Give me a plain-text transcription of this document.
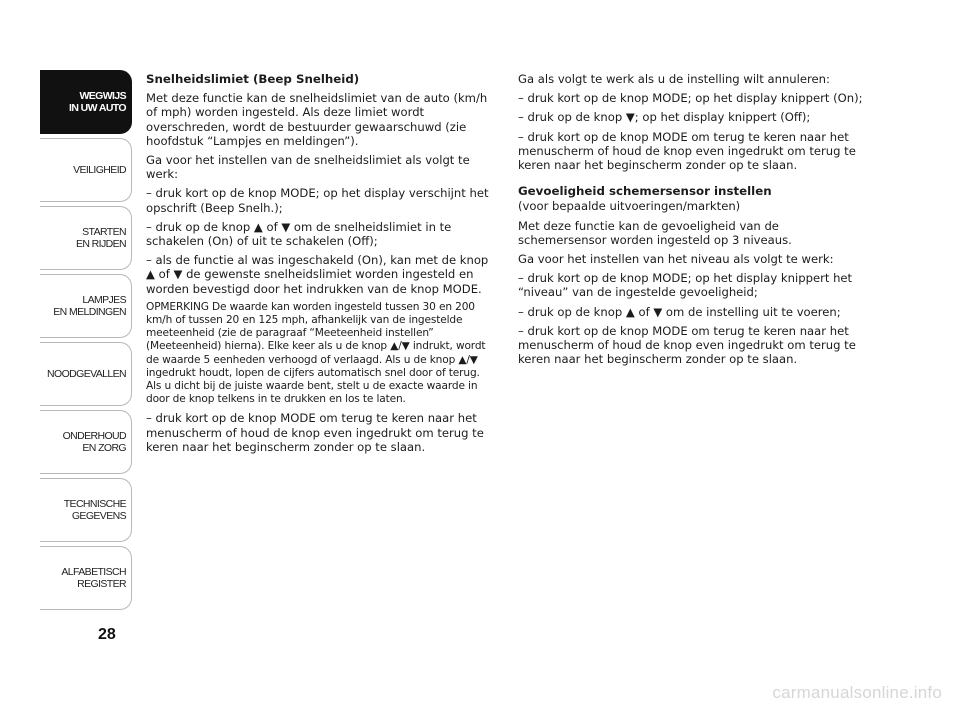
WEGWIJS
IN UW AUTO
VEILIGHEID
STARTEN
EN RIJDEN
LAMPJES
EN MELDINGEN
NOODGEVALLEN
ONDERHOUD
EN ZORG
TECHNISCHE
GEGEVENS
ALFABETISCH
REGISTER
28
Snelheidslimiet (Beep Snelheid)

Met deze functie kan de snelheidslimiet van de auto (km/h of mph) worden ingesteld. Als deze limiet wordt overschreden, wordt de bestuurder gewaarschuwd (zie hoofdstuk “Lampjes en meldingen”).

Ga voor het instellen van de snelheidslimiet als volgt te werk:

– druk kort op de knop MODE; op het display verschijnt het opschrift (Beep Snelh.);

– druk op de knop ▲ of ▼ om de snelheidslimiet in te schakelen (On) of uit te schakelen (Off);

– als de functie al was ingeschakeld (On), kan met de knop ▲ of ▼ de gewenste snelheidslimiet worden ingesteld en worden bevestigd door het indrukken van de knop MODE.

OPMERKING De waarde kan worden ingesteld tussen 30 en 200 km/h of tussen 20 en 125 mph, afhankelijk van de ingestelde meeteenheid (zie de paragraaf “Meeteenheid instellen” (Meeteenheid) hierna). Elke keer als u de knop ▲/▼ indrukt, wordt de waarde 5 eenheden verhoogd of verlaagd. Als u de knop ▲/▼ ingedrukt houdt, lopen de cijfers automatisch snel door of terug. Als u dicht bij de juiste waarde bent, stelt u de exacte waarde in door de knop telkens in te drukken en los te laten.

– druk kort op de knop MODE om terug te keren naar het menuscherm of houd de knop even ingedrukt om terug te keren naar het beginscherm zonder op te slaan.

Ga als volgt te werk als u de instelling wilt annuleren:

– druk kort op de knop MODE; op het display knippert (On);

– druk op de knop ▼; op het display knippert (Off);

– druk kort op de knop MODE om terug te keren naar het menuscherm of houd de knop even ingedrukt om terug te keren naar het beginscherm zonder op te slaan.

Gevoeligheid schemersensor instellen

(voor bepaalde uitvoeringen/markten)

Met deze functie kan de gevoeligheid van de schemersensor worden ingesteld op 3 niveaus.

Ga voor het instellen van het niveau als volgt te werk:

– druk kort op de knop MODE; op het display knippert het “niveau” van de ingestelde gevoeligheid;

– druk op de knop ▲ of ▼ om de instelling uit te voeren;

– druk kort op de knop MODE om terug te keren naar het menuscherm of houd de knop even ingedrukt om terug te keren naar het beginscherm zonder op te slaan.

carmanualsonline.info
